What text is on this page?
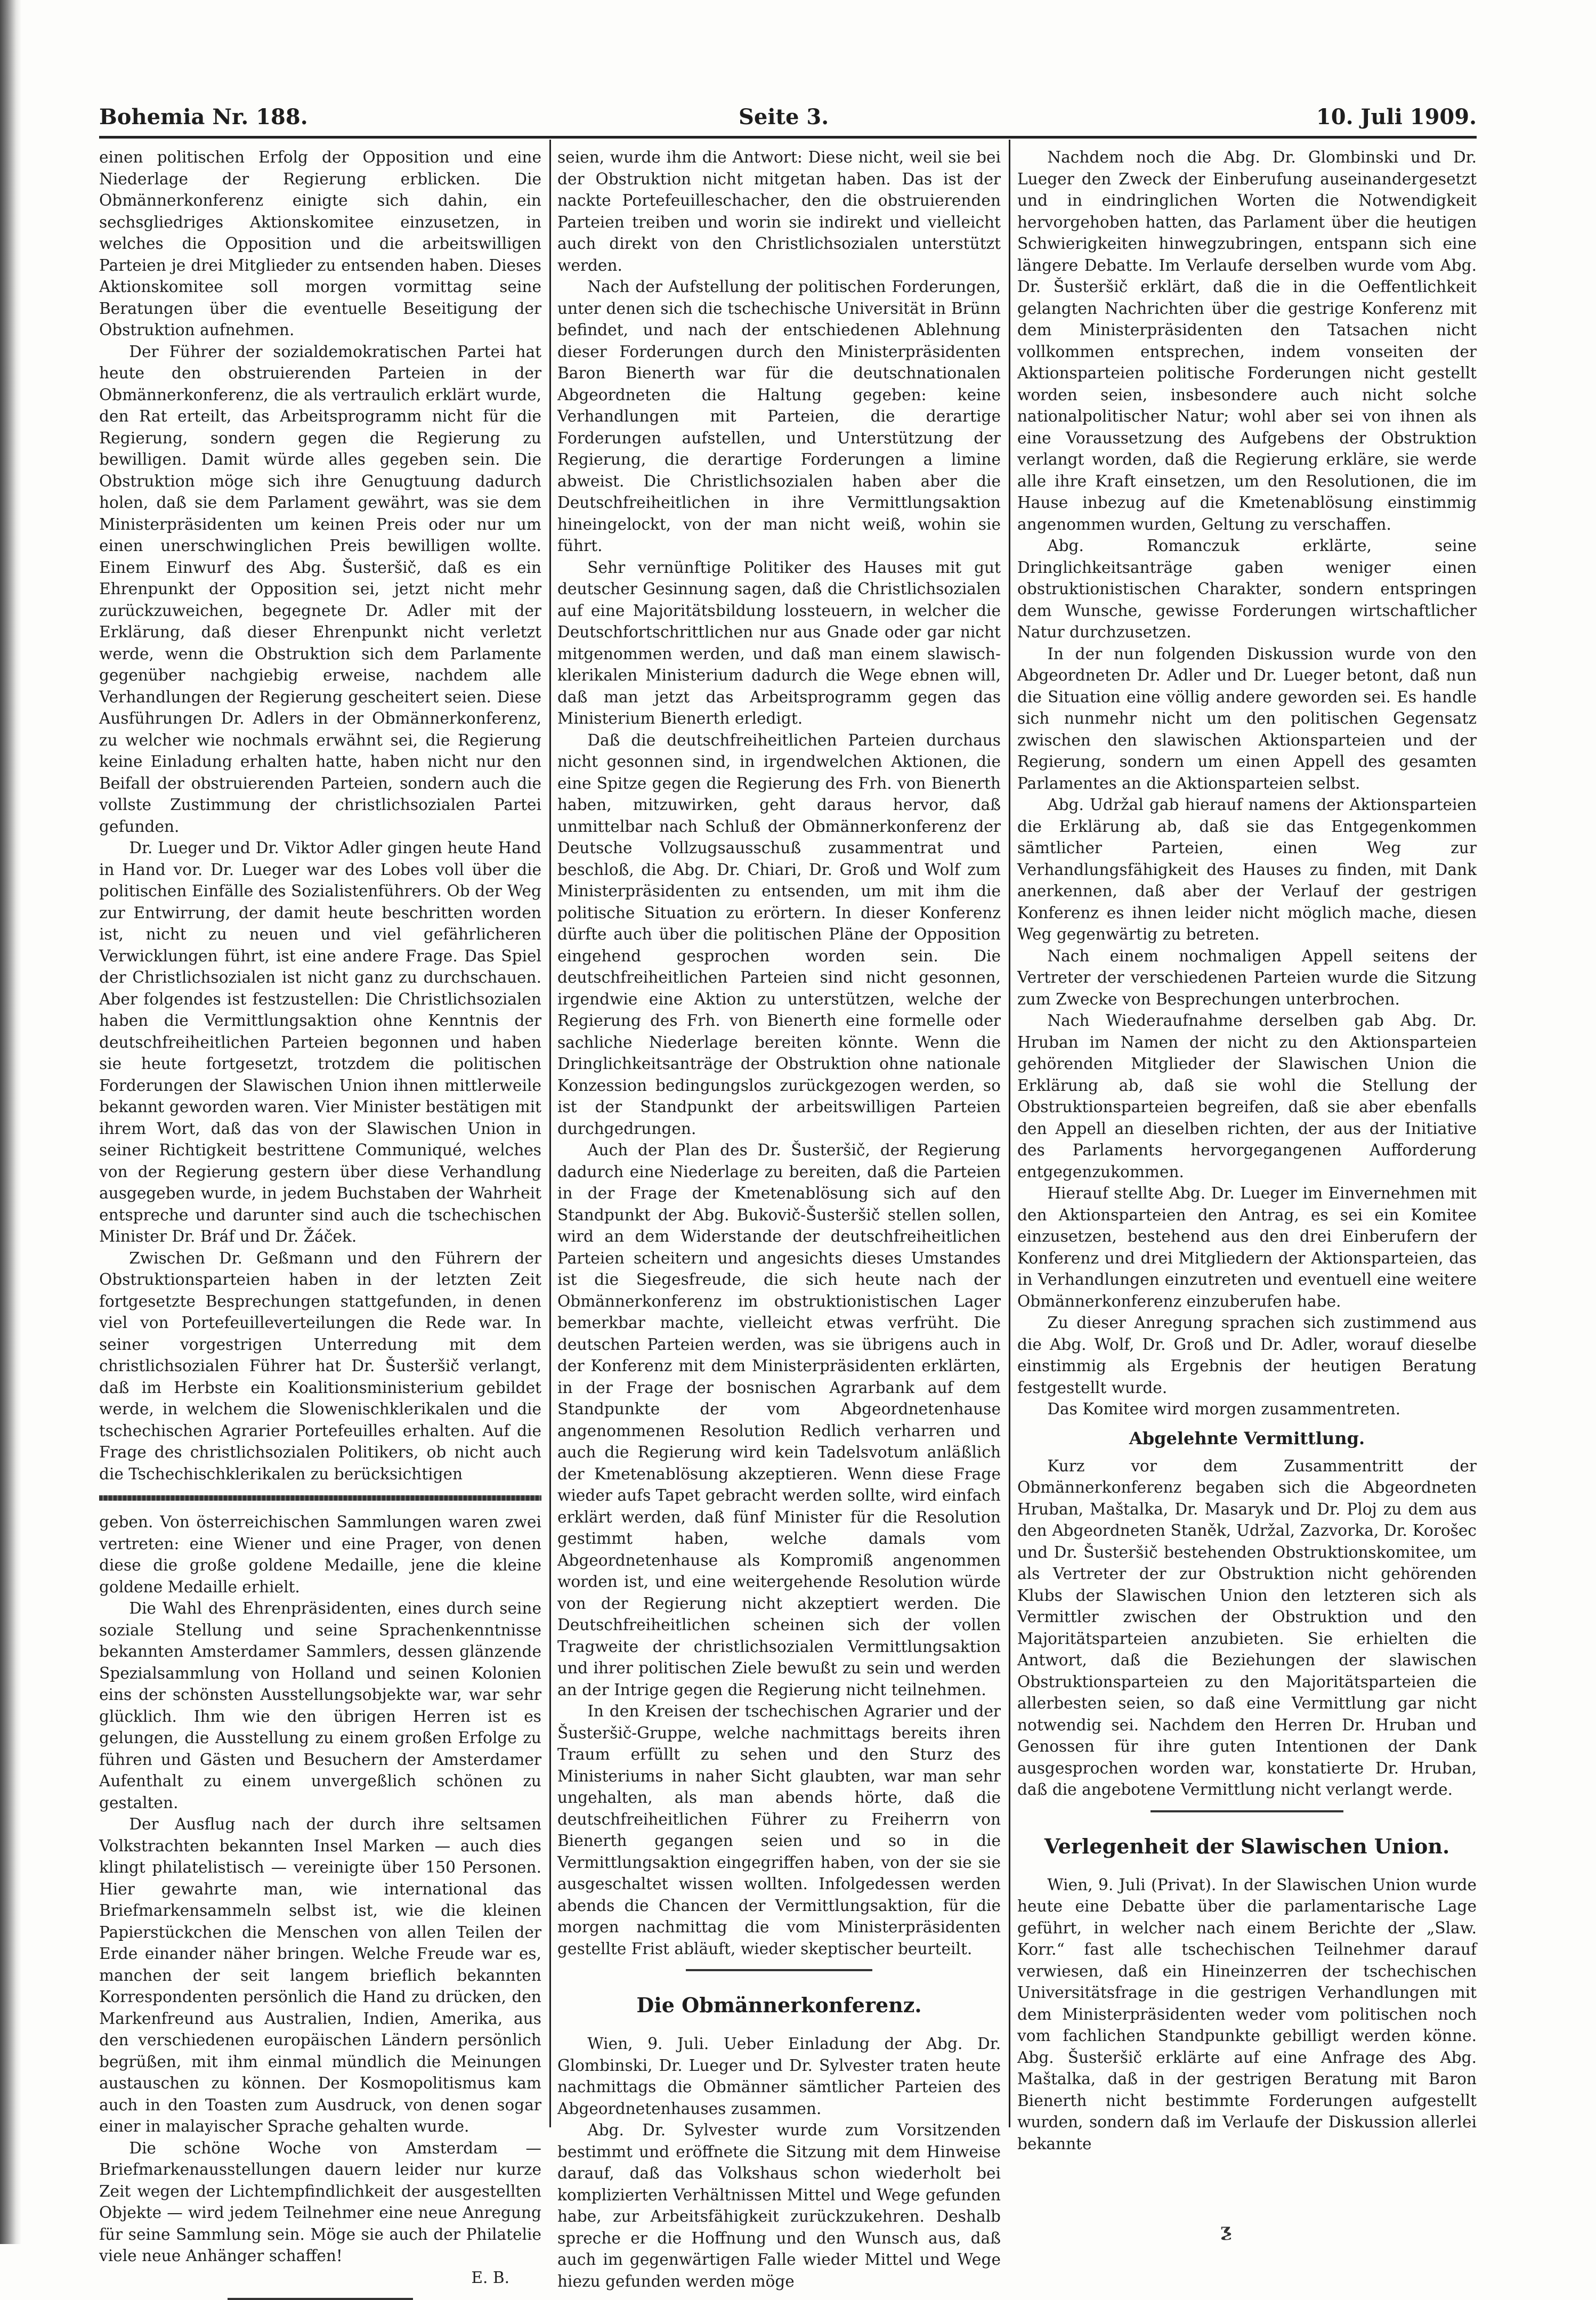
Bohemia Nr. 188.	Seite 3.	10. Juli 1909.

einen politischen Erfolg der Opposition und eine Niederlage der Regierung erblicken. Die Obmännerkonferenz einigte sich dahin, ein sechsgliedriges Aktionskomitee einzusetzen, in welches die Opposition und die arbeitswilligen Parteien je drei Mitglieder zu entsenden haben. Dieses Aktionskomitee soll morgen vormittag seine Beratungen über die eventuelle Beseitigung der Obstruktion aufnehmen.

Der Führer der sozialdemokratischen Partei hat heute den obstruierenden Parteien in der Obmännerkonferenz, die als vertraulich erklärt wurde, den Rat erteilt, das Arbeitsprogramm nicht für die Regierung, sondern gegen die Regierung zu bewilligen. Damit würde alles gegeben sein. Die Obstruktion möge sich ihre Genugtuung dadurch holen, daß sie dem Parlament gewährt, was sie dem Ministerpräsidenten um keinen Preis oder nur um einen unerschwinglichen Preis bewilligen wollte. Einem Einwurf des Abg. Šusteršič, daß es ein Ehrenpunkt der Opposition sei, jetzt nicht mehr zurückzuweichen, begegnete Dr. Adler mit der Erklärung, daß dieser Ehrenpunkt nicht verletzt werde, wenn die Obstruktion sich dem Parlamente gegenüber nachgiebig erweise, nachdem alle Verhandlungen der Regierung gescheitert seien. Diese Ausführungen Dr. Adlers in der Obmännerkonferenz, zu welcher wie nochmals erwähnt sei, die Regierung keine Einladung erhalten hatte, haben nicht nur den Beifall der obstruierenden Parteien, sondern auch die vollste Zustimmung der christlichsozialen Partei gefunden.

Dr. Lueger und Dr. Viktor Adler gingen heute Hand in Hand vor. Dr. Lueger war des Lobes voll über die politischen Einfälle des Sozialistenführers. Ob der Weg zur Entwirrung, der damit heute beschritten worden ist, nicht zu neuen und viel gefährlicheren Verwicklungen führt, ist eine andere Frage. Das Spiel der Christlichsozialen ist nicht ganz zu durchschauen. Aber folgendes ist festzustellen: Die Christlichsozialen haben die Vermittlungsaktion ohne Kenntnis der deutschfreiheitlichen Parteien begonnen und haben sie heute fortgesetzt, trotzdem die politischen Forderungen der Slawischen Union ihnen mittlerweile bekannt geworden waren. Vier Minister bestätigen mit ihrem Wort, daß das von der Slawischen Union in seiner Richtigkeit bestrittene Communiqué, welches von der Regierung gestern über diese Verhandlung ausgegeben wurde, in jedem Buchstaben der Wahrheit entspreche und darunter sind auch die tschechischen Minister Dr. Bráf und Dr. Žáček.

Zwischen Dr. Geßmann und den Führern der Obstruktionsparteien haben in der letzten Zeit fortgesetzte Besprechungen stattgefunden, in denen viel von Portefeuilleverteilungen die Rede war. In seiner vorgestrigen Unterredung mit dem christlichsozialen Führer hat Dr. Šusteršič verlangt, daß im Herbste ein Koalitionsministerium gebildet werde, in welchem die Slowenischklerikalen und die tschechischen Agrarier Portefeuilles erhalten. Auf die Frage des christlichsozialen Politikers, ob nicht auch die Tschechischklerikalen zu berücksichtigen

geben. Von österreichischen Sammlungen waren zwei vertreten: eine Wiener und eine Prager, von denen diese die große goldene Medaille, jene die kleine goldene Medaille erhielt.

Die Wahl des Ehrenpräsidenten, eines durch seine soziale Stellung und seine Sprachenkenntnisse bekannten Amsterdamer Sammlers, dessen glänzende Spezialsammlung von Holland und seinen Kolonien eins der schönsten Ausstellungsobjekte war, war sehr glücklich. Ihm wie den übrigen Herren ist es gelungen, die Ausstellung zu einem großen Erfolge zu führen und Gästen und Besuchern der Amsterdamer Aufenthalt zu einem unvergeßlich schönen zu gestalten.

Der Ausflug nach der durch ihre seltsamen Volkstrachten bekannten Insel Marken — auch dies klingt philatelistisch — vereinigte über 150 Personen. Hier gewahrte man, wie international das Briefmarkensammeln selbst ist, wie die kleinen Papierstückchen die Menschen von allen Teilen der Erde einander näher bringen. Welche Freude war es, manchen der seit langem brieflich bekannten Korrespondenten persönlich die Hand zu drücken, den Markenfreund aus Australien, Indien, Amerika, aus den verschiedenen europäischen Ländern persönlich begrüßen, mit ihm einmal mündlich die Meinungen austauschen zu können. Der Kosmopolitismus kam auch in den Toasten zum Ausdruck, von denen sogar einer in malayischer Sprache gehalten wurde.

Die schöne Woche von Amsterdam — Briefmarkenausstellungen dauern leider nur kurze Zeit wegen der Lichtempfindlichkeit der ausgestellten Objekte — wird jedem Teilnehmer eine neue Anregung für seine Sammlung sein. Möge sie auch der Philatelie viele neue Anhänger schaffen!

E. B.

seien, wurde ihm die Antwort: Diese nicht, weil sie bei der Obstruktion nicht mitgetan haben. Das ist der nackte Portefeuilleschacher, den die obstruierenden Parteien treiben und worin sie indirekt und vielleicht auch direkt von den Christlichsozialen unterstützt werden.

Nach der Aufstellung der politischen Forderungen, unter denen sich die tschechische Universität in Brünn befindet, und nach der entschiedenen Ablehnung dieser Forderungen durch den Ministerpräsidenten Baron Bienerth war für die deutschnationalen Abgeordneten die Haltung gegeben: keine Verhandlungen mit Parteien, die derartige Forderungen aufstellen, und Unterstützung der Regierung, die derartige Forderungen a limine abweist. Die Christlichsozialen haben aber die Deutschfreiheitlichen in ihre Vermittlungsaktion hineingelockt, von der man nicht weiß, wohin sie führt.

Sehr vernünftige Politiker des Hauses mit gut deutscher Gesinnung sagen, daß die Christlichsozialen auf eine Majoritätsbildung lossteuern, in welcher die Deutschfortschrittlichen nur aus Gnade oder gar nicht mitgenommen werden, und daß man einem slawisch-klerikalen Ministerium dadurch die Wege ebnen will, daß man jetzt das Arbeitsprogramm gegen das Ministerium Bienerth erledigt.

Daß die deutschfreiheitlichen Parteien durchaus nicht gesonnen sind, in irgendwelchen Aktionen, die eine Spitze gegen die Regierung des Frh. von Bienerth haben, mitzuwirken, geht daraus hervor, daß unmittelbar nach Schluß der Obmännerkonferenz der Deutsche Vollzugsausschuß zusammentrat und beschloß, die Abg. Dr. Chiari, Dr. Groß und Wolf zum Ministerpräsidenten zu entsenden, um mit ihm die politische Situation zu erörtern. In dieser Konferenz dürfte auch über die politischen Pläne der Opposition eingehend gesprochen worden sein. Die deutschfreiheitlichen Parteien sind nicht gesonnen, irgendwie eine Aktion zu unterstützen, welche der Regierung des Frh. von Bienerth eine formelle oder sachliche Niederlage bereiten könnte. Wenn die Dringlichkeitsanträge der Obstruktion ohne nationale Konzession bedingungslos zurückgezogen werden, so ist der Standpunkt der arbeitswilligen Parteien durchgedrungen.

Auch der Plan des Dr. Šusteršič, der Regierung dadurch eine Niederlage zu bereiten, daß die Parteien in der Frage der Kmetenablösung sich auf den Standpunkt der Abg. Bukovič-Šusteršič stellen sollen, wird an dem Widerstande der deutschfreiheitlichen Parteien scheitern und angesichts dieses Umstandes ist die Siegesfreude, die sich heute nach der Obmännerkonferenz im obstruktionistischen Lager bemerkbar machte, vielleicht etwas verfrüht. Die deutschen Parteien werden, was sie übrigens auch in der Konferenz mit dem Ministerpräsidenten erklärten, in der Frage der bosnischen Agrarbank auf dem Standpunkte der vom Abgeordnetenhause angenommenen Resolution Redlich verharren und auch die Regierung wird kein Tadelsvotum anläßlich der Kmetenablösung akzeptieren. Wenn diese Frage wieder aufs Tapet gebracht werden sollte, wird einfach erklärt werden, daß fünf Minister für die Resolution gestimmt haben, welche damals vom Abgeordnetenhause als Kompromiß angenommen worden ist, und eine weitergehende Resolution würde von der Regierung nicht akzeptiert werden. Die Deutschfreiheitlichen scheinen sich der vollen Tragweite der christlichsozialen Vermittlungsaktion und ihrer politischen Ziele bewußt zu sein und werden an der Intrige gegen die Regierung nicht teilnehmen.

In den Kreisen der tschechischen Agrarier und der Šusteršič-Gruppe, welche nachmittags bereits ihren Traum erfüllt zu sehen und den Sturz des Ministeriums in naher Sicht glaubten, war man sehr ungehalten, als man abends hörte, daß die deutschfreiheitlichen Führer zu Freiherrn von Bienerth gegangen seien und so in die Vermittlungsaktion eingegriffen haben, von der sie sie ausgeschaltet wissen wollten. Infolgedessen werden abends die Chancen der Vermittlungsaktion, für die morgen nachmittag die vom Ministerpräsidenten gestellte Frist abläuft, wieder skeptischer beurteilt.

Die Obmännerkonferenz.

Wien, 9. Juli. Ueber Einladung der Abg. Dr. Glombinski, Dr. Lueger und Dr. Sylvester traten heute nachmittags die Obmänner sämtlicher Parteien des Abgeordnetenhauses zusammen.

Abg. Dr. Sylvester wurde zum Vorsitzenden bestimmt und eröffnete die Sitzung mit dem Hinweise darauf, daß das Volkshaus schon wiederholt bei komplizierten Verhältnissen Mittel und Wege gefunden habe, zur Arbeitsfähigkeit zurückzukehren. Deshalb spreche er die Hoffnung und den Wunsch aus, daß auch im gegenwärtigen Falle wieder Mittel und Wege hiezu gefunden werden möge

Nachdem noch die Abg. Dr. Glombinski und Dr. Lueger den Zweck der Einberufung auseinandergesetzt und in eindringlichen Worten die Notwendigkeit hervorgehoben hatten, das Parlament über die heutigen Schwierigkeiten hinwegzubringen, entspann sich eine längere Debatte. Im Verlaufe derselben wurde vom Abg. Dr. Šusteršič erklärt, daß die in die Oeffentlichkeit gelangten Nachrichten über die gestrige Konferenz mit dem Ministerpräsidenten den Tatsachen nicht vollkommen entsprechen, indem vonseiten der Aktionsparteien politische Forderungen nicht gestellt worden seien, insbesondere auch nicht solche nationalpolitischer Natur; wohl aber sei von ihnen als eine Voraussetzung des Aufgebens der Obstruktion verlangt worden, daß die Regierung erkläre, sie werde alle ihre Kraft einsetzen, um den Resolutionen, die im Hause inbezug auf die Kmetenablösung einstimmig angenommen wurden, Geltung zu verschaffen.

Abg. Romanczuk erklärte, seine Dringlichkeitsanträge gaben weniger einen obstruktionistischen Charakter, sondern entspringen dem Wunsche, gewisse Forderungen wirtschaftlicher Natur durchzusetzen.

In der nun folgenden Diskussion wurde von den Abgeordneten Dr. Adler und Dr. Lueger betont, daß nun die Situation eine völlig andere geworden sei. Es handle sich nunmehr nicht um den politischen Gegensatz zwischen den slawischen Aktionsparteien und der Regierung, sondern um einen Appell des gesamten Parlamentes an die Aktionsparteien selbst.

Abg. Udržal gab hierauf namens der Aktionsparteien die Erklärung ab, daß sie das Entgegenkommen sämtlicher Parteien, einen Weg zur Verhandlungsfähigkeit des Hauses zu finden, mit Dank anerkennen, daß aber der Verlauf der gestrigen Konferenz es ihnen leider nicht möglich mache, diesen Weg gegenwärtig zu betreten.

Nach einem nochmaligen Appell seitens der Vertreter der verschiedenen Parteien wurde die Sitzung zum Zwecke von Besprechungen unterbrochen.

Nach Wiederaufnahme derselben gab Abg. Dr. Hruban im Namen der nicht zu den Aktionsparteien gehörenden Mitglieder der Slawischen Union die Erklärung ab, daß sie wohl die Stellung der Obstruktionsparteien begreifen, daß sie aber ebenfalls den Appell an dieselben richten, der aus der Initiative des Parlaments hervorgegangenen Aufforderung entgegenzukommen.

Hierauf stellte Abg. Dr. Lueger im Einvernehmen mit den Aktionsparteien den Antrag, es sei ein Komitee einzusetzen, bestehend aus den drei Einberufern der Konferenz und drei Mitgliedern der Aktionsparteien, das in Verhandlungen einzutreten und eventuell eine weitere Obmännerkonferenz einzuberufen habe.

Zu dieser Anregung sprachen sich zustimmend aus die Abg. Wolf, Dr. Groß und Dr. Adler, worauf dieselbe einstimmig als Ergebnis der heutigen Beratung festgestellt wurde.

Das Komitee wird morgen zusammentreten.

Abgelehnte Vermittlung.

Kurz vor dem Zusammentritt der Obmännerkonferenz begaben sich die Abgeordneten Hruban, Maštalka, Dr. Masaryk und Dr. Ploj zu dem aus den Abgeordneten Staněk, Udržal, Zazvorka, Dr. Korošec und Dr. Šusteršič bestehenden Obstruktionskomitee, um als Vertreter der zur Obstruktion nicht gehörenden Klubs der Slawischen Union den letzteren sich als Vermittler zwischen der Obstruktion und den Majoritätsparteien anzubieten. Sie erhielten die Antwort, daß die Beziehungen der slawischen Obstruktionsparteien zu den Majoritätsparteien die allerbesten seien, so daß eine Vermittlung gar nicht notwendig sei. Nachdem den Herren Dr. Hruban und Genossen für ihre guten Intentionen der Dank ausgesprochen worden war, konstatierte Dr. Hruban, daß die angebotene Vermittlung nicht verlangt werde.

Verlegenheit der Slawischen Union.

Wien, 9. Juli (Privat). In der Slawischen Union wurde heute eine Debatte über die parlamentarische Lage geführt, in welcher nach einem Berichte der „Slaw. Korr.“ fast alle tschechischen Teilnehmer darauf verwiesen, daß ein Hineinzerren der tschechischen Universitätsfrage in die gestrigen Verhandlungen mit dem Ministerpräsidenten weder vom politischen noch vom fachlichen Standpunkte gebilligt werden könne. Abg. Šusteršič erklärte auf eine Anfrage des Abg. Maštalka, daß in der gestrigen Beratung mit Baron Bienerth nicht bestimmte Forderungen aufgestellt wurden, sondern daß im Verlaufe der Diskussion allerlei bekannte

ƺ
